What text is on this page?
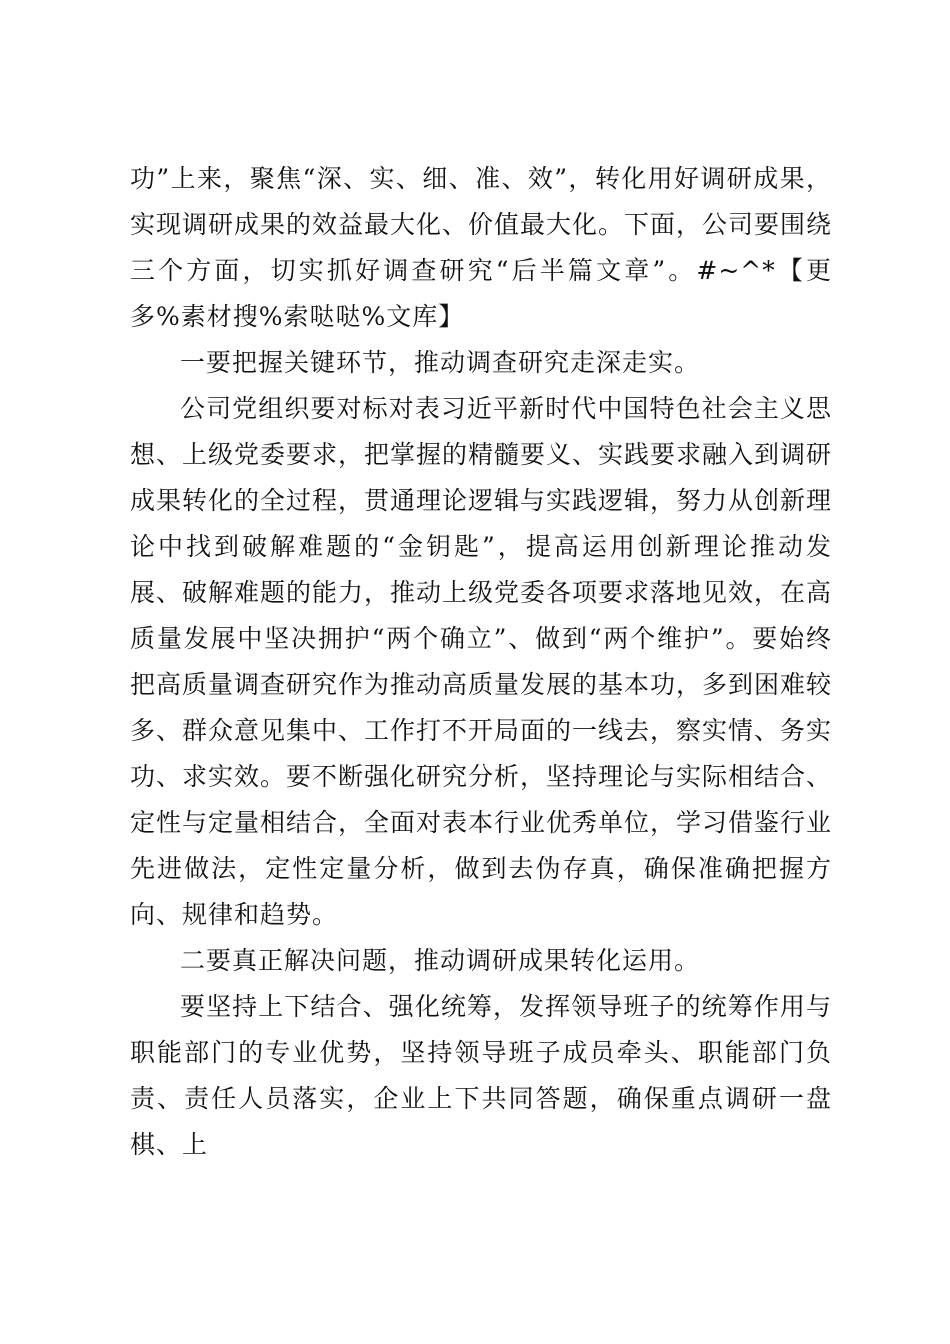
功”上来，聚焦“深、实、细、准、效”，转化用好调研成果，实现调研成果的效益最大化、价值最大化。下面，公司要围绕三个方面，切实抓好调查研究“后半篇文章”。#~^*【更多%素材搜%索哒哒%文库】

一要把握关键环节，推动调查研究走深走实。

公司党组织要对标对表习近平新时代中国特色社会主义思想、上级党委要求，把掌握的精髓要义、实践要求融入到调研成果转化的全过程，贯通理论逻辑与实践逻辑，努力从创新理论中找到破解难题的“金钥匙”，提高运用创新理论推动发展、破解难题的能力，推动上级党委各项要求落地见效，在高质量发展中坚决拥护“两个确立”、做到“两个维护”。要始终把高质量调查研究作为推动高质量发展的基本功，多到困难较多、群众意见集中、工作打不开局面的一线去，察实情、务实功、求实效。要不断强化研究分析，坚持理论与实际相结合、定性与定量相结合，全面对表本行业优秀单位，学习借鉴行业先进做法，定性定量分析，做到去伪存真，确保准确把握方向、规律和趋势。

二要真正解决问题，推动调研成果转化运用。

要坚持上下结合、强化统筹，发挥领导班子的统筹作用与职能部门的专业优势，坚持领导班子成员牵头、职能部门负责、责任人员落实，企业上下共同答题，确保重点调研一盘棋、上
